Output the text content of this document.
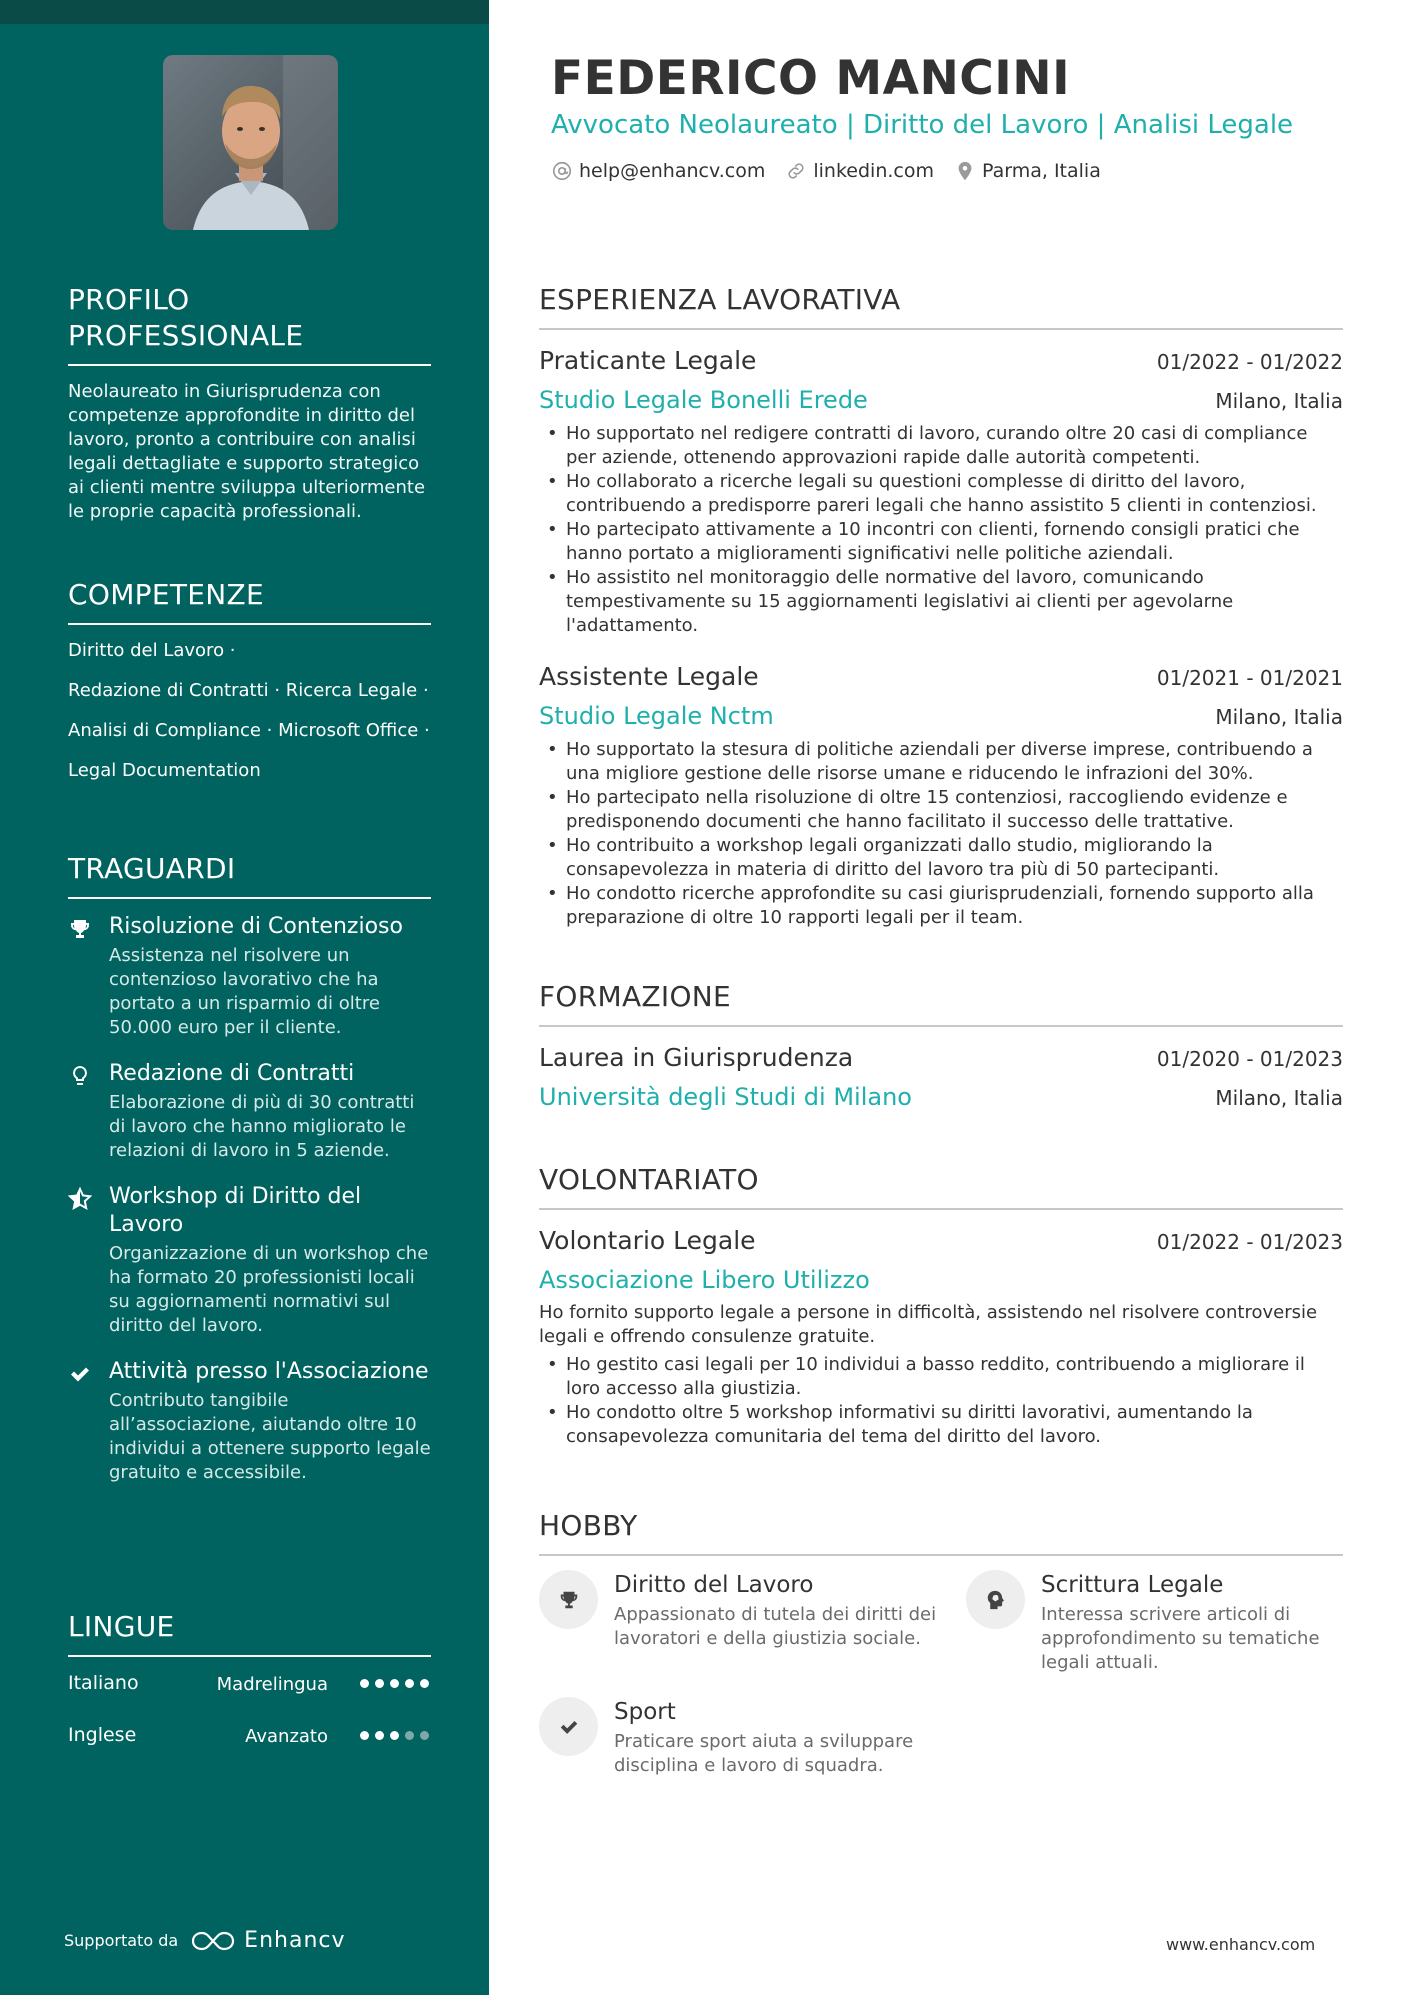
PROFILO PROFESSIONALE

Neolaureato in Giurisprudenza con competenze approfondite in diritto del lavoro, pronto a contribuire con analisi legali dettagliate e supporto strategico ai clienti mentre sviluppa ulteriormente le proprie capacità professionali.

COMPETENZE
Diritto del Lavoro ·
Redazione di Contratti · Ricerca Legale ·
Analisi di Compliance · Microsoft Office ·
Legal Documentation
TRAGUARDI
Risoluzione di Contenzioso
Assistenza nel risolvere un contenzioso lavorativo che ha portato a un risparmio di oltre 50.000 euro per il cliente.
Redazione di Contratti
Elaborazione di più di 30 contratti di lavoro che hanno migliorato le relazioni di lavoro in 5 aziende.
Workshop di Diritto del Lavoro
Organizzazione di un workshop che ha formato 20 professionisti locali su aggiornamenti normativi sul diritto del lavoro.
Attività presso l'Associazione
Contributo tangibile all’associazione, aiutando oltre 10 individui a ottenere supporto legale gratuito e accessibile.
LINGUE
Italiano	Madrelingua
Inglese	Avanzato
Supportato da	Enhancv
FEDERICO MANCINI
Avvocato Neolaureato | Diritto del Lavoro | Analisi Legale
help@enhancv.com	linkedin.com	Parma, Italia
ESPERIENZA LAVORATIVA
Praticante Legale	01/2022 - 01/2022
Studio Legale Bonelli Erede	Milano, Italia
• Ho supportato nel redigere contratti di lavoro, curando oltre 20 casi di compliance per aziende, ottenendo approvazioni rapide dalle autorità competenti.
• Ho collaborato a ricerche legali su questioni complesse di diritto del lavoro, contribuendo a predisporre pareri legali che hanno assistito 5 clienti in contenziosi.
• Ho partecipato attivamente a 10 incontri con clienti, fornendo consigli pratici che hanno portato a miglioramenti significativi nelle politiche aziendali.
• Ho assistito nel monitoraggio delle normative del lavoro, comunicando tempestivamente su 15 aggiornamenti legislativi ai clienti per agevolarne l'adattamento.
Assistente Legale	01/2021 - 01/2021
Studio Legale Nctm	Milano, Italia
• Ho supportato la stesura di politiche aziendali per diverse imprese, contribuendo a una migliore gestione delle risorse umane e riducendo le infrazioni del 30%.
• Ho partecipato nella risoluzione di oltre 15 contenziosi, raccogliendo evidenze e predisponendo documenti che hanno facilitato il successo delle trattative.
• Ho contribuito a workshop legali organizzati dallo studio, migliorando la consapevolezza in materia di diritto del lavoro tra più di 50 partecipanti.
• Ho condotto ricerche approfondite su casi giurisprudenziali, fornendo supporto alla preparazione di oltre 10 rapporti legali per il team.
FORMAZIONE
Laurea in Giurisprudenza	01/2020 - 01/2023
Università degli Studi di Milano	Milano, Italia
VOLONTARIATO
Volontario Legale	01/2022 - 01/2023
Associazione Libero Utilizzo

Ho fornito supporto legale a persone in difficoltà, assistendo nel risolvere controversie legali e offrendo consulenze gratuite.

• Ho gestito casi legali per 10 individui a basso reddito, contribuendo a migliorare il loro accesso alla giustizia.
• Ho condotto oltre 5 workshop informativi su diritti lavorativi, aumentando la consapevolezza comunitaria del tema del diritto del lavoro.
HOBBY
Diritto del Lavoro
Appassionato di tutela dei diritti dei lavoratori e della giustizia sociale.
Scrittura Legale
Interessa scrivere articoli di approfondimento su tematiche legali attuali.
Sport
Praticare sport aiuta a sviluppare disciplina e lavoro di squadra.
www.enhancv.com
